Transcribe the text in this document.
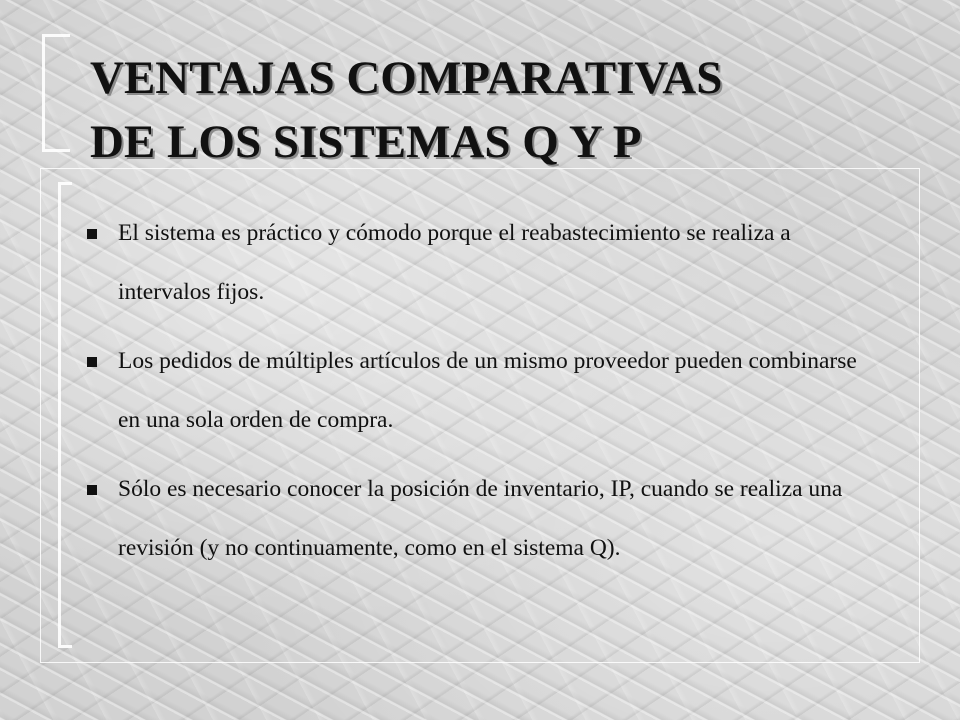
VENTAJAS COMPARATIVAS
DE LOS SISTEMAS Q Y P
El sistema es práctico y cómodo porque el reabastecimiento se realiza a intervalos fijos.
Los pedidos de múltiples artículos de un mismo proveedor pueden combinarse en una sola orden de compra.
Sólo es necesario conocer la posición de inventario, IP, cuando se realiza una revisión (y no continuamente, como en el sistema Q).
